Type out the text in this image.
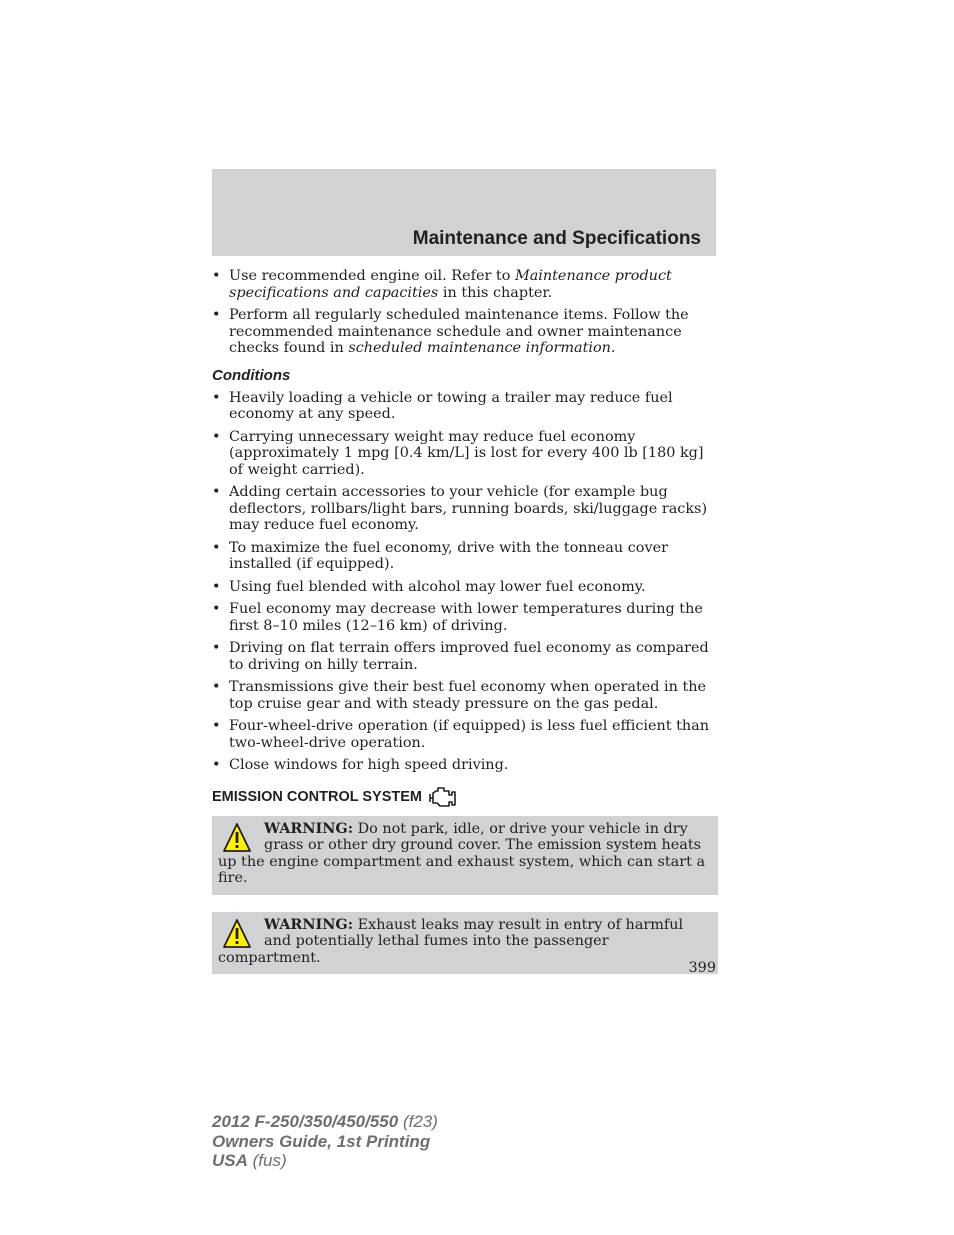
Maintenance and Specifications
• Use recommended engine oil. Refer to Maintenance product specifications and capacities in this chapter.
• Perform all regularly scheduled maintenance items. Follow the recommended maintenance schedule and owner maintenance checks found in scheduled maintenance information.
Conditions
• Heavily loading a vehicle or towing a trailer may reduce fuel economy at any speed.
• Carrying unnecessary weight may reduce fuel economy (approximately 1 mpg [0.4 km/L] is lost for every 400 lb [180 kg] of weight carried).
• Adding certain accessories to your vehicle (for example bug deflectors, rollbars/light bars, running boards, ski/luggage racks) may reduce fuel economy.
• To maximize the fuel economy, drive with the tonneau cover installed (if equipped).
• Using fuel blended with alcohol may lower fuel economy.
• Fuel economy may decrease with lower temperatures during the first 8–10 miles (12–16 km) of driving.
• Driving on flat terrain offers improved fuel economy as compared to driving on hilly terrain.
• Transmissions give their best fuel economy when operated in the top cruise gear and with steady pressure on the gas pedal.
• Four-wheel-drive operation (if equipped) is less fuel efficient than two-wheel-drive operation.
• Close windows for high speed driving.
EMISSION CONTROL SYSTEM
WARNING: Do not park, idle, or drive your vehicle in dry grass or other dry ground cover. The emission system heats up the engine compartment and exhaust system, which can start a fire.
WARNING: Exhaust leaks may result in entry of harmful and potentially lethal fumes into the passenger compartment.
399
2012 F-250/350/450/550 (f23)
Owners Guide, 1st Printing
USA (fus)
